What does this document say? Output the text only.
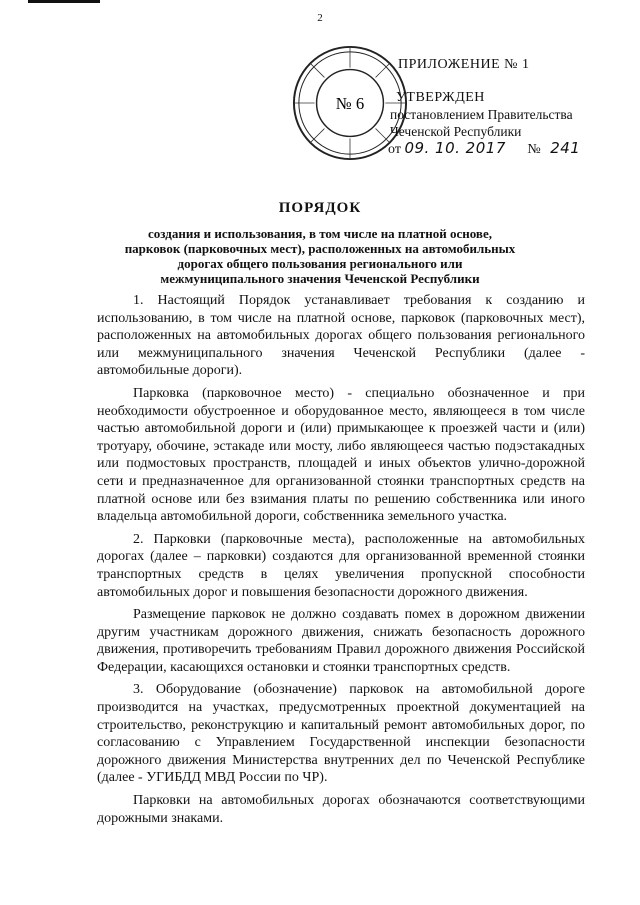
2
№ 6
ПРИЛОЖЕНИЕ № 1
УТВЕРЖДЕН
постановлением Правительства
Чеченской Республики
от 09. 10. 2017 № 241
ПОРЯДОК
создания и использования, в том числе на платной основе,
парковок (парковочных мест), расположенных на автомобильных
дорогах общего пользования регионального или
межмуниципального значения Чеченской Республики

1. Настоящий Порядок устанавливает требования к созданию и использованию, в том числе на платной основе, парковок (парковочных мест), расположенных на автомобильных дорогах общего пользования регионального или межмуниципального значения Чеченской Республики (далее - автомобильные дороги).

Парковка (парковочное место) - специально обозначенное и при необходимости обустроенное и оборудованное место, являющееся в том числе частью автомобильной дороги и (или) примыкающее к проезжей части и (или) тротуару, обочине, эстакаде или мосту, либо являющееся частью подэстакадных или подмостовых пространств, площадей и иных объектов улично-дорожной сети и предназначенное для организованной стоянки транспортных средств на платной основе или без взимания платы по решению собственника или иного владельца автомобильной дороги, собственника земельного участка.

2. Парковки (парковочные места), расположенные на автомобильных дорогах (далее – парковки) создаются для организованной временной стоянки транспортных средств в целях увеличения пропускной способности автомобильных дорог и повышения безопасности дорожного движения.

Размещение парковок не должно создавать помех в дорожном движении другим участникам дорожного движения, снижать безопасность дорожного движения, противоречить требованиям Правил дорожного движения Российской Федерации, касающихся остановки и стоянки транспортных средств.

3. Оборудование (обозначение) парковок на автомобильной дороге производится на участках, предусмотренных проектной документацией на строительство, реконструкцию и капитальный ремонт автомобильных дорог, по согласованию с Управлением Государственной инспекции безопасности дорожного движения Министерства внутренних дел по Чеченской Республике (далее - УГИБДД МВД России по ЧР).

Парковки на автомобильных дорогах обозначаются соответствующими дорожными знаками.
